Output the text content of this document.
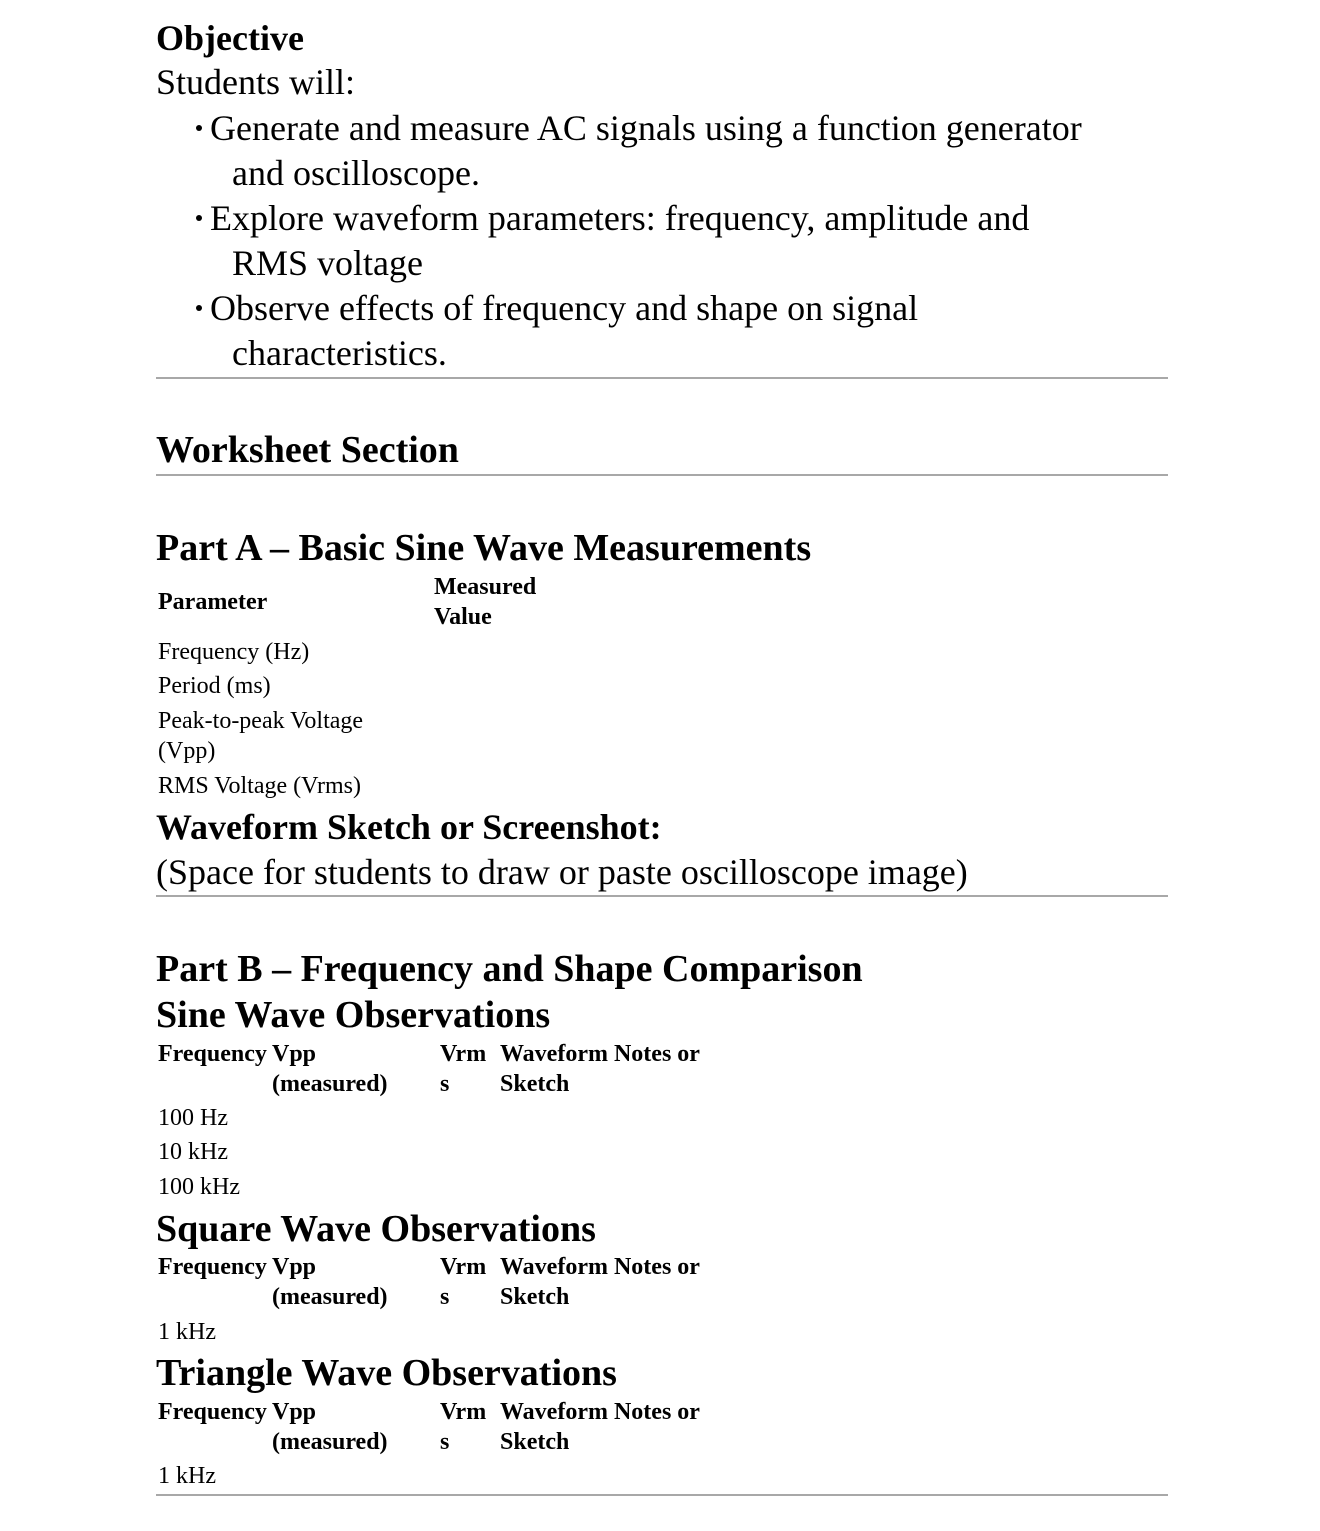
Objective
Students will:
Generate and measure AC signals using a function generator
and oscilloscope.
Explore waveform parameters: frequency, amplitude and
RMS voltage
Observe effects of frequency and shape on signal
characteristics.
Worksheet Section
Part A – Basic Sine Wave Measurements
Parameter
Measured Value
Frequency (Hz)
Period (ms)
Peak-to-peak Voltage (Vpp)
RMS Voltage (Vrms)
Waveform Sketch or Screenshot:
(Space for students to draw or paste oscilloscope image)
Part B – Frequency and Shape Comparison
Sine Wave Observations
Frequency Vpp (measured)
Vrms
Waveform Notes or Sketch
100 Hz
10 kHz
100 kHz
Square Wave Observations
Frequency Vpp (measured)
Vrms
Waveform Notes or Sketch
1 kHz
Triangle Wave Observations
Frequency Vpp (measured)
Vrms
Waveform Notes or Sketch
1 kHz
